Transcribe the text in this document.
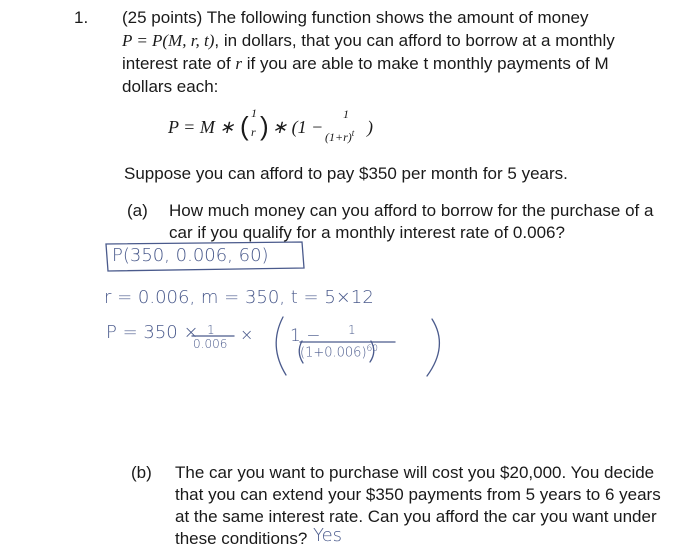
1. (25 points) The following function shows the amount of money
P = P(M, r, t), in dollars, that you can afford to borrow at a monthly
interest rate of r if you are able to make t monthly payments of M
dollars each:
P = M ∗ ( 1
r ) ∗ (1 −
1
$(1+r)^t$ )
Suppose you can afford to pay $350 per month for 5 years.
(a) How much money can you afford to borrow for the purchase of a
car if you qualify for a monthly interest rate of 0.006?
P(350, 0.006, 60)
r = 0.006, m = 350, t = 5×12
P = 350 × 1
0.006 × 1 − 1
$(1+0.006)^{60}$
(b) The car you want to purchase will cost you $20,000. You decide
that you can extend your $350 payments from 5 years to 6 years
at the same interest rate. Can you afford the car you want under
these conditions? Yes
